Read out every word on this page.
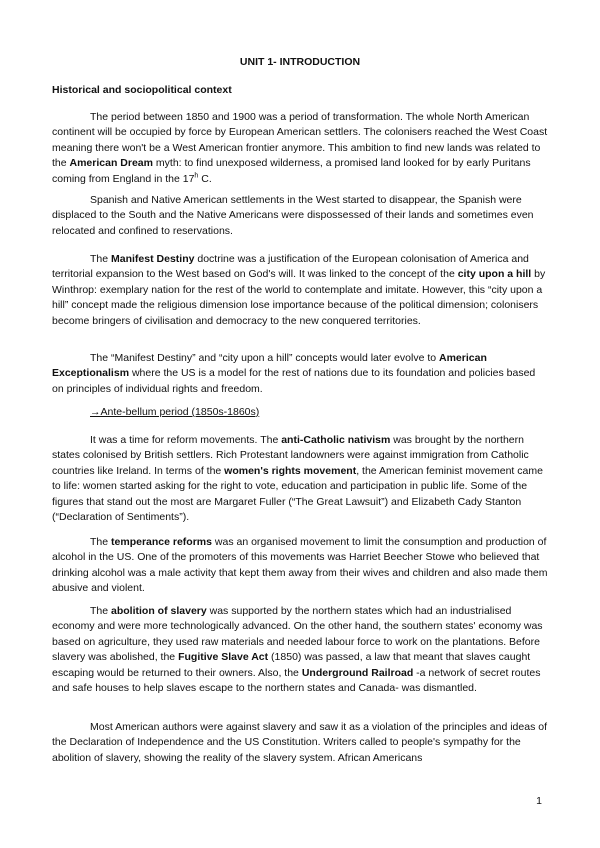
UNIT 1- INTRODUCTION
Historical and sociopolitical context

The period between 1850 and 1900 was a period of transformation. The whole North American continent will be occupied by force by European American settlers. The colonisers reached the West Coast meaning there won't be a West American frontier anymore. This ambition to find new lands was related to the American Dream myth: to find unexposed wilderness, a promised land looked for by early Puritans coming from England in the 17$^h$ C.

Spanish and Native American settlements in the West started to disappear, the Spanish were displaced to the South and the Native Americans were dispossessed of their lands and sometimes even relocated and confined to reservations.

The Manifest Destiny doctrine was a justification of the European colonisation of America and territorial expansion to the West based on God's will. It was linked to the concept of the city upon a hill by Winthrop: exemplary nation for the rest of the world to contemplate and imitate. However, this “city upon a hill” concept made the religious dimension lose importance because of the political dimension; colonisers become bringers of civilisation and democracy to the new conquered territories.

The “Manifest Destiny” and “city upon a hill” concepts would later evolve to American Exceptionalism where the US is a model for the rest of nations due to its foundation and policies based on principles of individual rights and freedom.

→Ante-bellum period (1850s-1860s)

It was a time for reform movements. The anti-Catholic nativism was brought by the northern states colonised by British settlers. Rich Protestant landowners were against immigration from Catholic countries like Ireland. In terms of the women's rights movement, the American feminist movement came to life: women started asking for the right to vote, education and participation in public life. Some of the figures that stand out the most are Margaret Fuller (“The Great Lawsuit”) and Elizabeth Cady Stanton (“Declaration of Sentiments”).

The temperance reforms was an organised movement to limit the consumption and production of alcohol in the US. One of the promoters of this movements was Harriet Beecher Stowe who believed that drinking alcohol was a male activity that kept them away from their wives and children and also made them abusive and violent.

The abolition of slavery was supported by the northern states which had an industrialised economy and were more technologically advanced. On the other hand, the southern states' economy was based on agriculture, they used raw materials and needed labour force to work on the plantations. Before slavery was abolished, the Fugitive Slave Act (1850) was passed, a law that meant that slaves caught escaping would be returned to their owners. Also, the Underground Railroad -a network of secret routes and safe houses to help slaves escape to the northern states and Canada- was dismantled.

Most American authors were against slavery and saw it as a violation of the principles and ideas of the Declaration of Independence and the US Constitution. Writers called to people's sympathy for the abolition of slavery, showing the reality of the slavery system. African Americans

1
